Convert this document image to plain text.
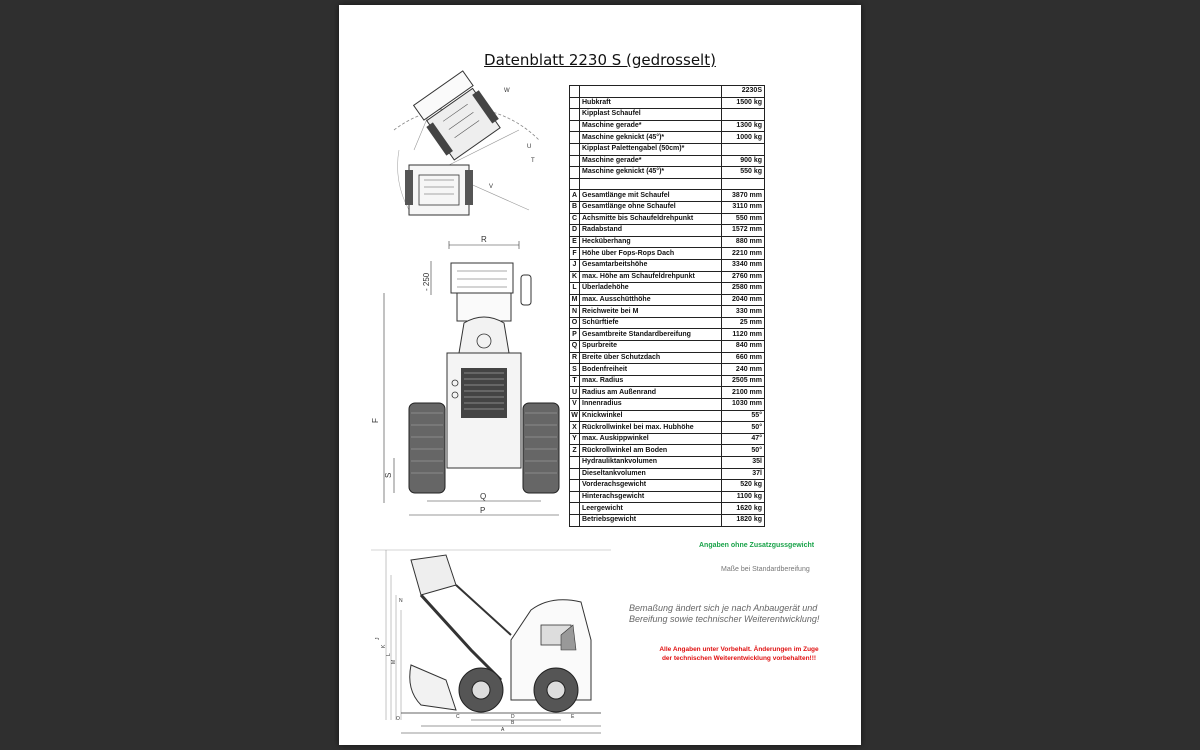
Datenblatt 2230 S (gedrosselt)
W
U
T
V
R
- 250
F
S
Q
P
		2230S
	Hubkraft	1500 kg
	Kipplast Schaufel	
	Maschine gerade*	1300 kg
	Maschine geknickt (45°)*	1000 kg
	Kipplast Palettengabel (50cm)*	
	Maschine gerade*	900 kg
	Maschine geknickt (45°)*	550 kg

A	Gesamtlänge mit Schaufel	3870 mm
B	Gesamtlänge ohne Schaufel	3110 mm
C	Achsmitte bis Schaufeldrehpunkt	550 mm
D	Radabstand	1572 mm
E	Hecküberhang	880 mm
F	Höhe über Fops-Rops Dach	2210 mm
J	Gesamtarbeitshöhe	3340 mm
K	max. Höhe am Schaufeldrehpunkt	2760 mm
L	Überladehöhe	2580 mm
M	max. Ausschütthöhe	2040 mm
N	Reichweite bei M	330 mm
O	Schürftiefe	25 mm
P	Gesamtbreite Standardbereifung	1120 mm
Q	Spurbreite	840 mm
R	Breite über Schutzdach	660 mm
S	Bodenfreiheit	240 mm
T	max. Radius	2505 mm
U	Radius am Außenrand	2100 mm
V	Innenradius	1030 mm
W	Knickwinkel	55°
X	Rückrollwinkel bei max. Hubhöhe	50°
Y	max. Auskippwinkel	47°
Z	Rückrollwinkel am Boden	50°
	Hydrauliktankvolumen	35l
	Dieseltankvolumen	37l
	Vorderachsgewicht	520 kg
	Hinterachsgewicht	1100 kg
	Leergewicht	1620 kg
	Betriebsgewicht	1820 kg
J
K
L
M
N
D	E
C
B
A
O
Angaben ohne Zusatzgussgewicht
Maße bei Standardbereifung
Bemaßung ändert sich je nach Anbaugerät und Bereifung sowie technischer Weiterentwicklung!
Alle Angaben unter Vorbehalt. Änderungen im Zuge
der technischen Weiterentwicklung vorbehalten!!!
